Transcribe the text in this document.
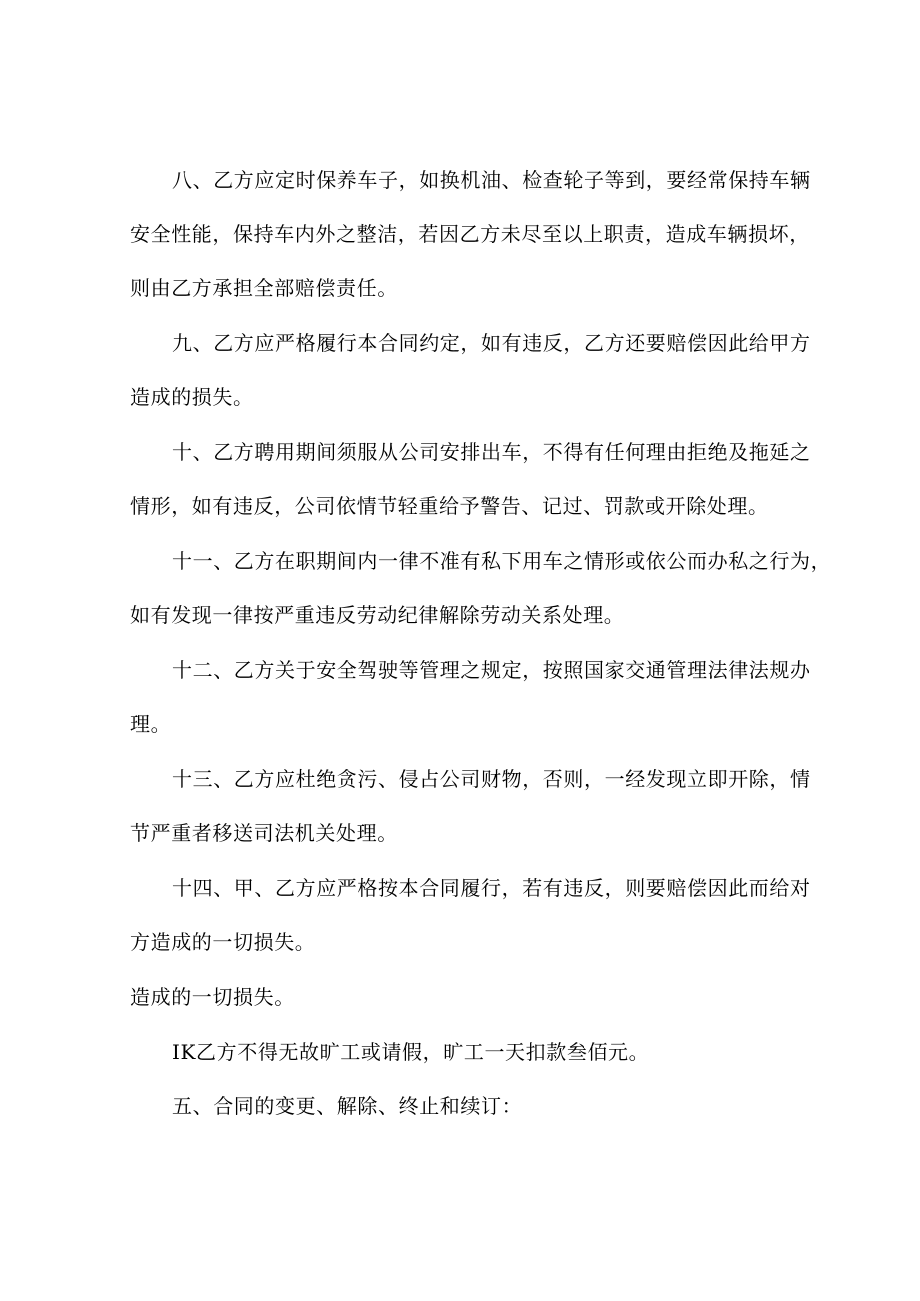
八、乙方应定时保养车子，如换机油、检查轮子等到，要经常保持车辆
安全性能，保持车内外之整洁，若因乙方未尽至以上职责，造成车辆损坏，
则由乙方承担全部赔偿责任。
九、乙方应严格履行本合同约定，如有违反，乙方还要赔偿因此给甲方
造成的损失。
十、乙方聘用期间须服从公司安排出车，不得有任何理由拒绝及拖延之
情形，如有违反，公司依情节轻重给予警告、记过、罚款或开除处理。
十一、乙方在职期间内一律不准有私下用车之情形或依公而办私之行为，
如有发现一律按严重违反劳动纪律解除劳动关系处理。
十二、乙方关于安全驾驶等管理之规定，按照国家交通管理法律法规办
理。
十三、乙方应杜绝贪污、侵占公司财物，否则，一经发现立即开除，情
节严重者移送司法机关处理。
十四、甲、乙方应严格按本合同履行，若有违反，则要赔偿因此而给对
方造成的一切损失。
造成的一切损失。
IK乙方不得无故旷工或请假，旷工一天扣款叁佰元。
五、合同的变更、解除、终止和续订：
